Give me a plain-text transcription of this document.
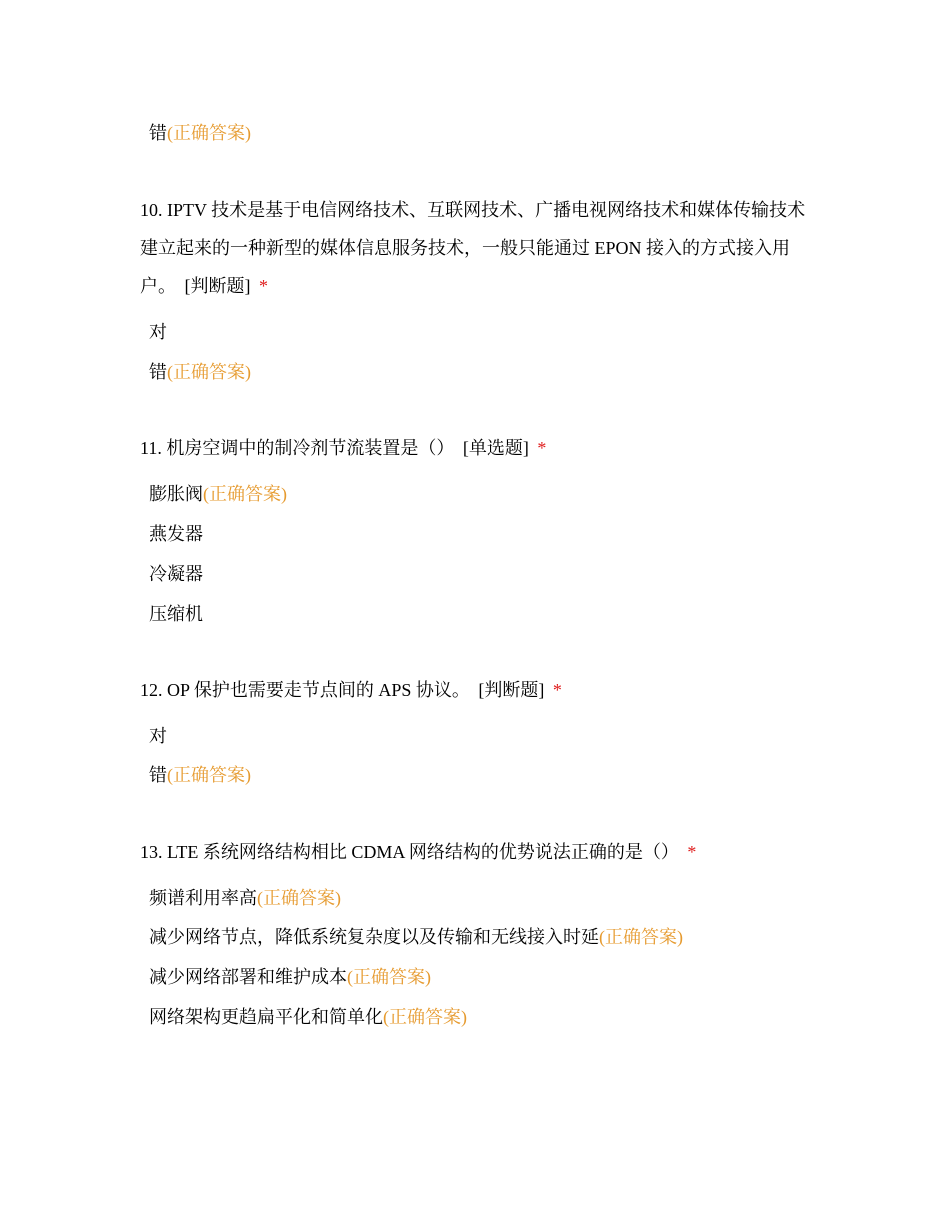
错(正确答案)

10. IPTV 技术是基于电信网络技术、互联网技术、广播电视网络技术和媒体传输技术建立起来的一种新型的媒体信息服务技术，一般只能通过 EPON 接入的方式接入用户。 [判断题] *

对
错(正确答案)

11. 机房空调中的制冷剂节流装置是（） [单选题] *

膨胀阀(正确答案)
燕发器
冷凝器
压缩机

12. OP 保护也需要走节点间的 APS 协议。 [判断题] *

对
错(正确答案)

13. LTE 系统网络结构相比 CDMA 网络结构的优势说法正确的是（） *

频谱利用率高(正确答案)
减少网络节点，降低系统复杂度以及传输和无线接入时延(正确答案)
减少网络部署和维护成本(正确答案)
网络架构更趋扁平化和简单化(正确答案)
